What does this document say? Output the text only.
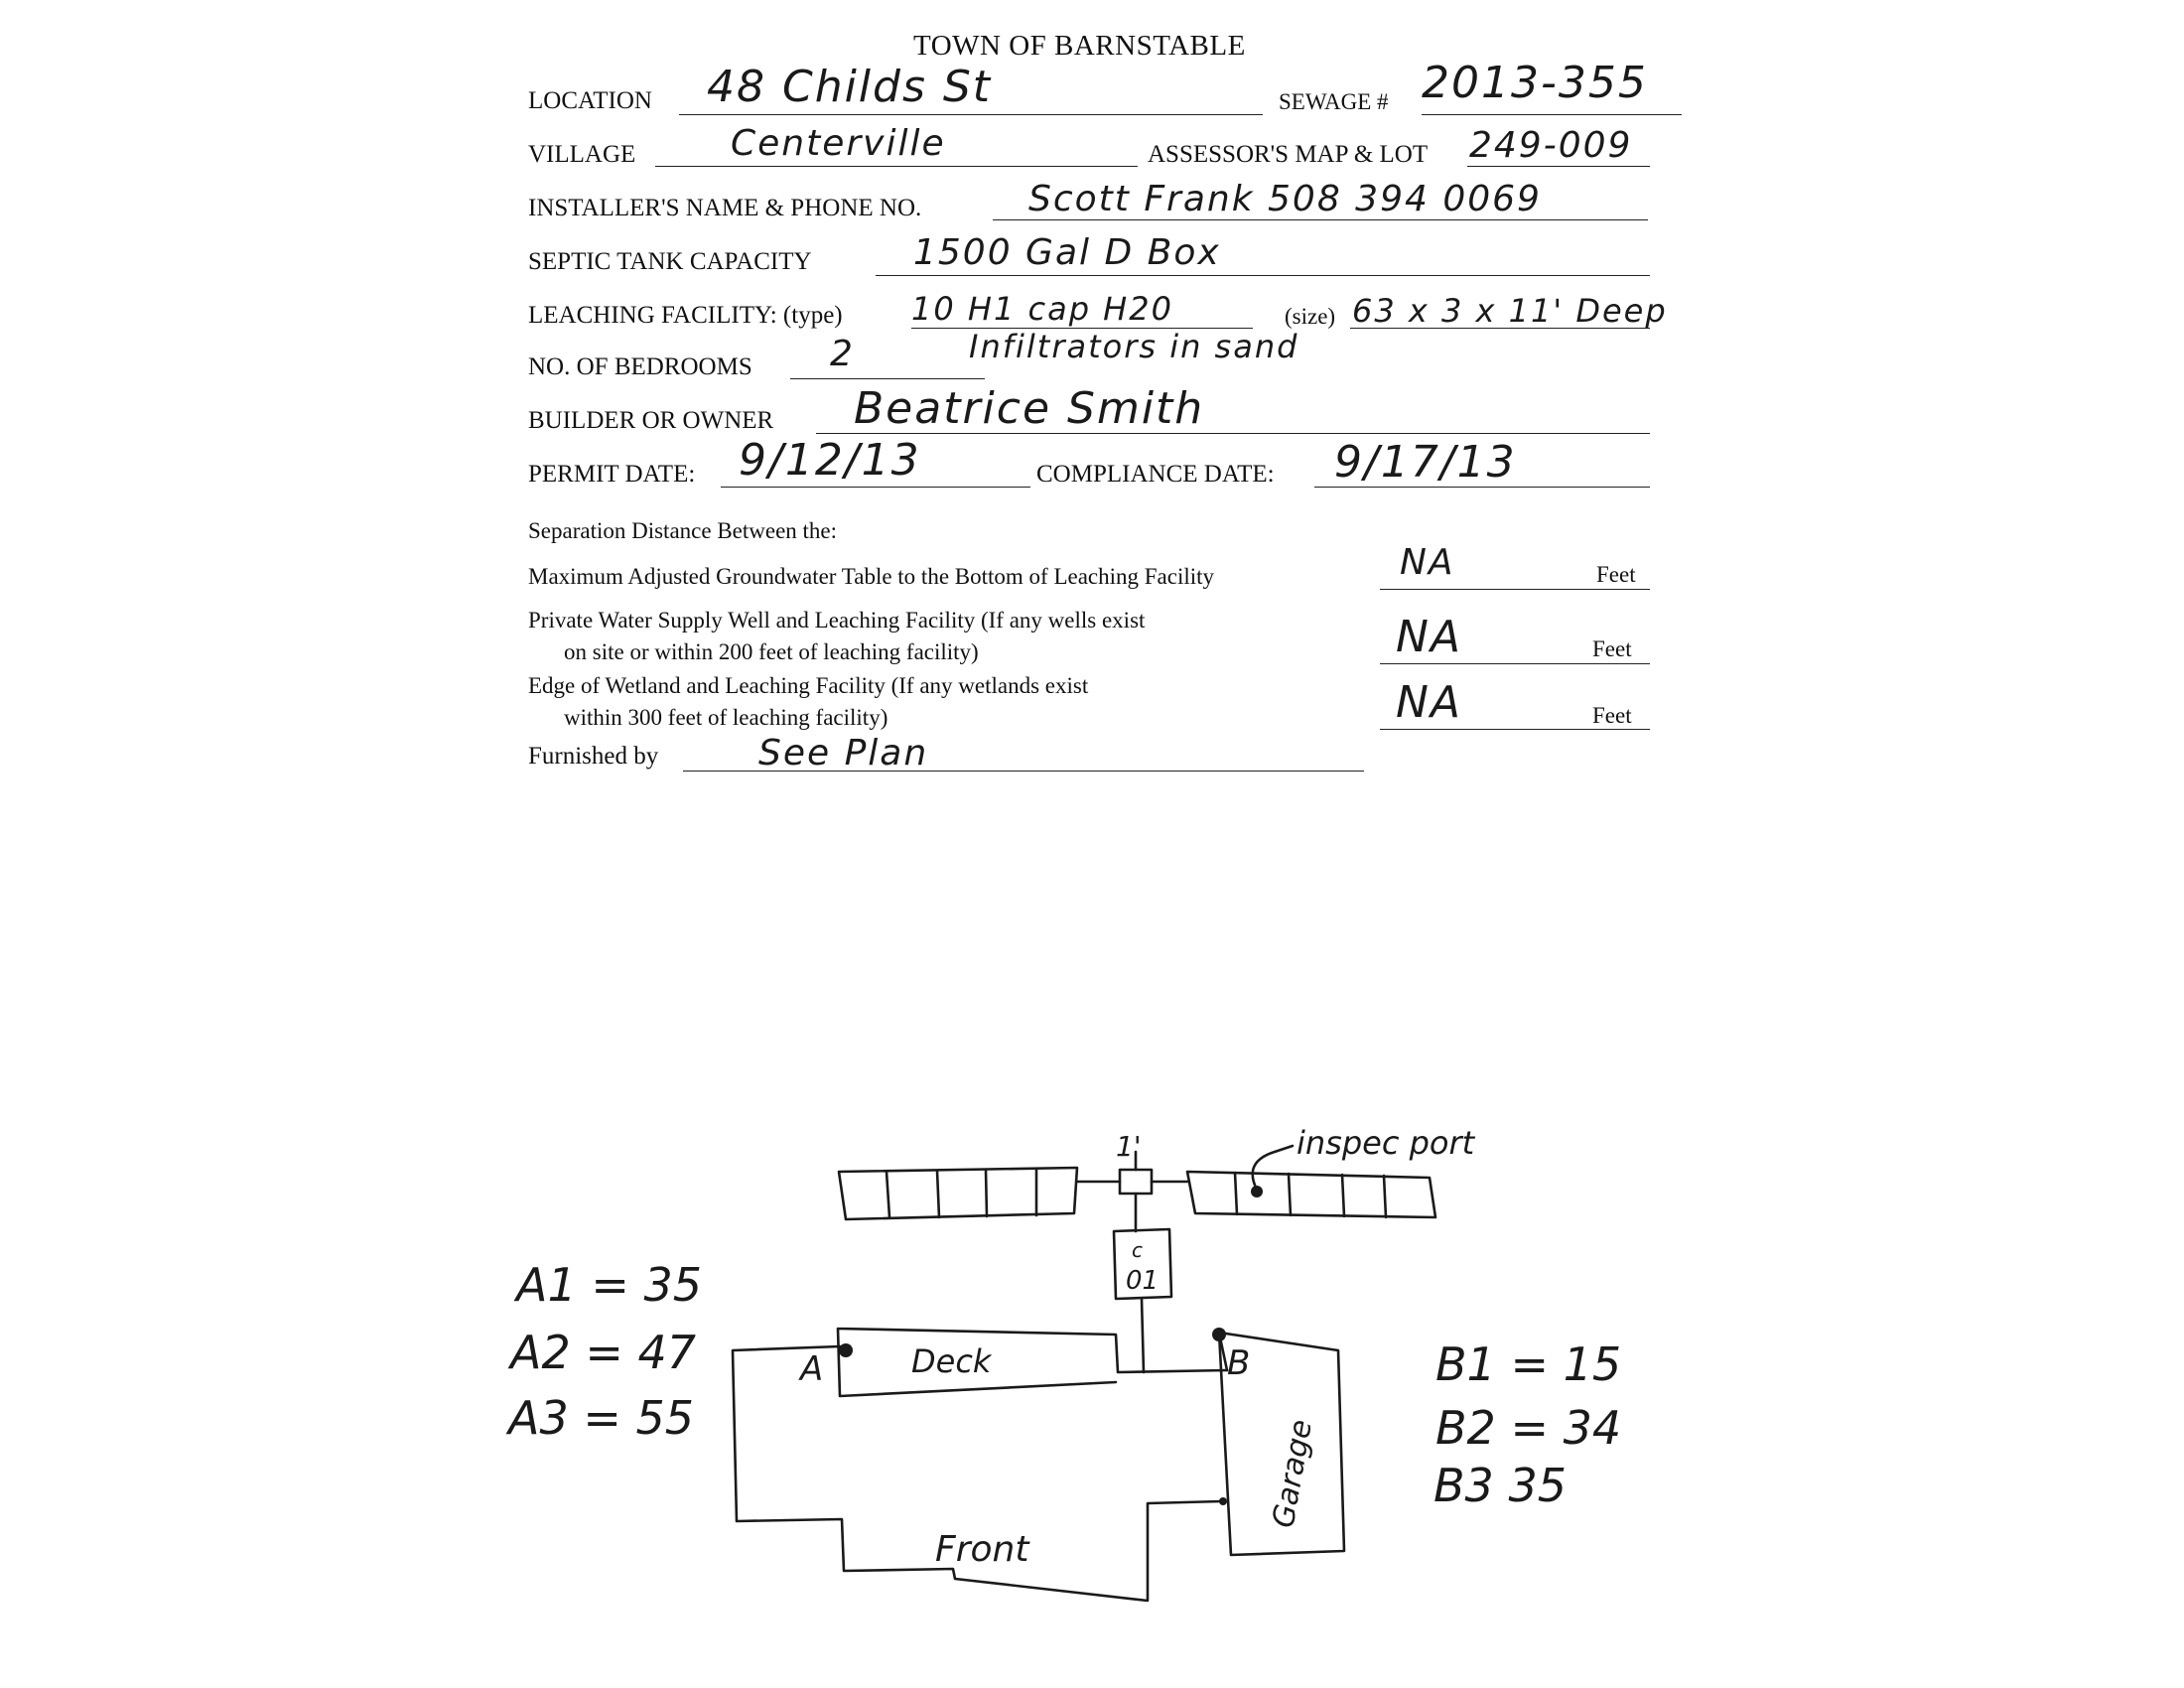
TOWN OF BARNSTABLE
LOCATION 48 Childs St	SEWAGE # 2013-355
VILLAGE	Centerville	ASSESSOR'S MAP & LOT 249-009
INSTALLER'S NAME & PHONE NO.	Scott Frank 508 394 0069
SEPTIC TANK CAPACITY	1500 Gal D Box
LEACHING FACILITY: (type) 10 H1 cap H20	(size) 63 x 3 x 11' Deep
NO. OF BEDROOMS 2	Infiltrators in sand
BUILDER OR OWNER Beatrice Smith
PERMIT DATE: 9/12/13	COMPLIANCE DATE: 9/17/13
Separation Distance Between the:
Maximum Adjusted Groundwater Table to the Bottom of Leaching Facility	NA	Feet
Private Water Supply Well and Leaching Facility (If any wells exist
on site or within 200 feet of leaching facility)	NA	Feet
Edge of Wetland and Leaching Facility (If any wetlands exist
within 300 feet of leaching facility)	NA	Feet
Furnished by	See Plan
1'	inspec port
c
01
Deck
Front
Garage
A	B
A1 = 35
A2 = 47
A3 = 55
B1 = 15
B2 = 34
B3 35
